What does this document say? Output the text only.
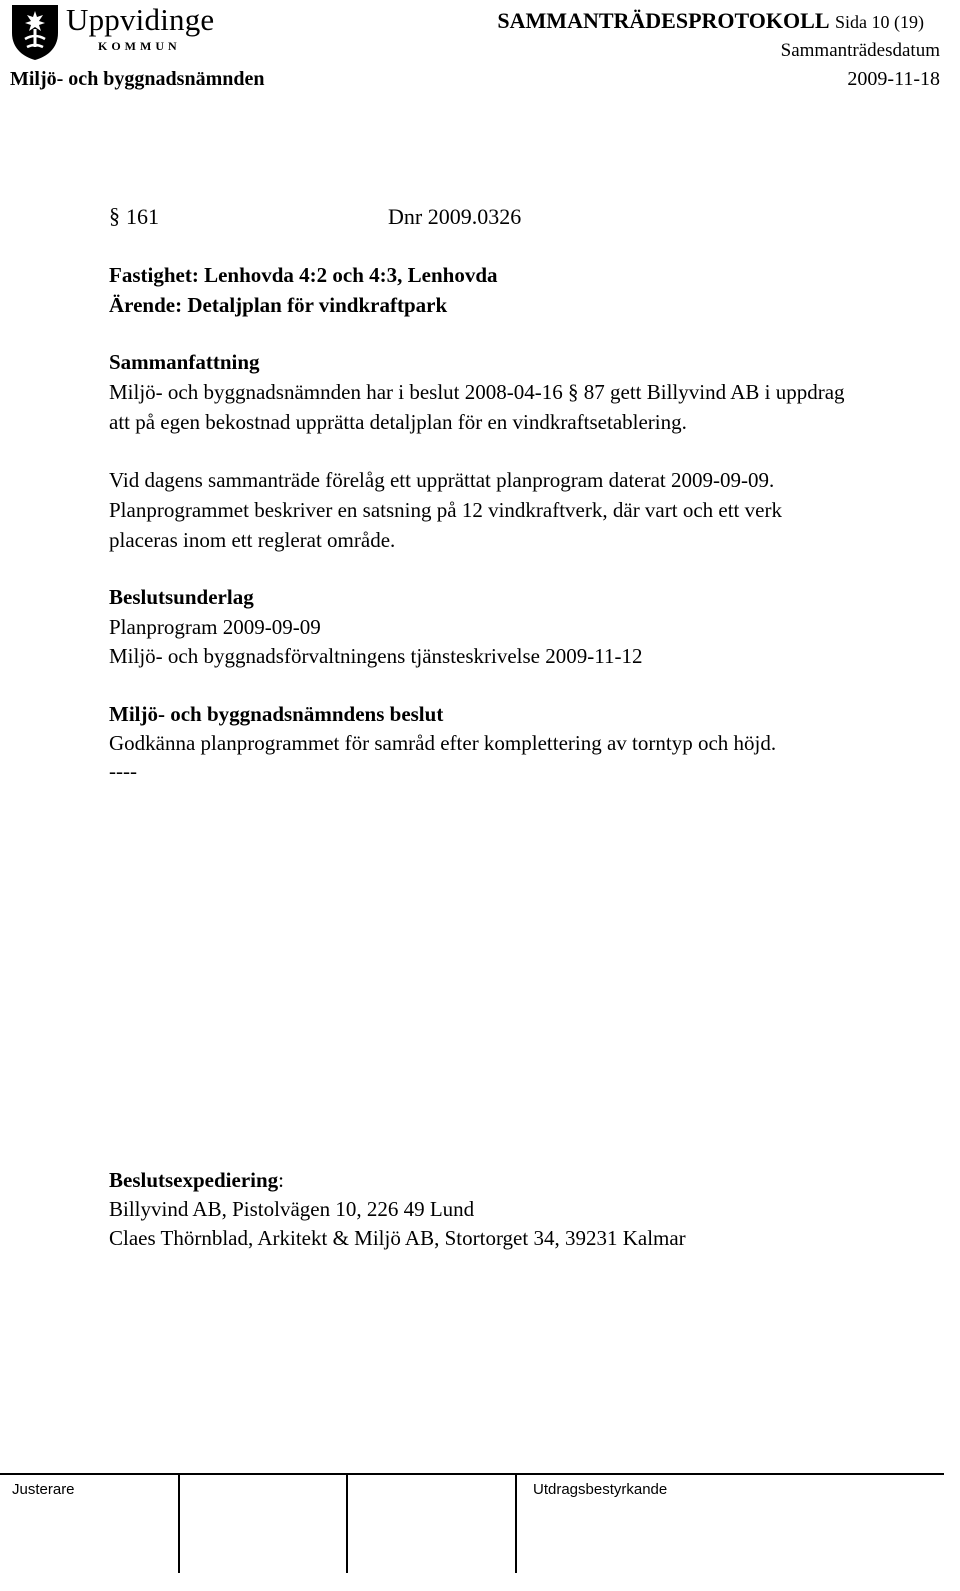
Uppvidinge
KOMMUN
SAMMANTRÄDESPROTOKOLL Sida 10 (19)
Sammanträdesdatum
Miljö- och byggnadsnämnden	2009-11-18
§ 161	Dnr 2009.0326
Fastighet: Lenhovda 4:2 och 4:3, Lenhovda
Ärende: Detaljplan för vindkraftpark
Sammanfattning
Miljö- och byggnadsnämnden har i beslut 2008-04-16 § 87 gett Billyvind AB i uppdrag
att på egen bekostnad upprätta detaljplan för en vindkraftsetablering.
Vid dagens sammanträde förelåg ett upprättat planprogram daterat 2009-09-09.
Planprogrammet beskriver en satsning på 12 vindkraftverk, där vart och ett verk
placeras inom ett reglerat område.
Beslutsunderlag
Planprogram 2009-09-09
Miljö- och byggnadsförvaltningens tjänsteskrivelse 2009-11-12
Miljö- och byggnadsnämndens beslut
Godkänna planprogrammet för samråd efter komplettering av torntyp och höjd.
----
Beslutsexpediering:
Billyvind AB, Pistolvägen 10, 226 49 Lund
Claes Thörnblad, Arkitekt & Miljö AB, Stortorget 34, 39231 Kalmar
Justerare	Utdragsbestyrkande
